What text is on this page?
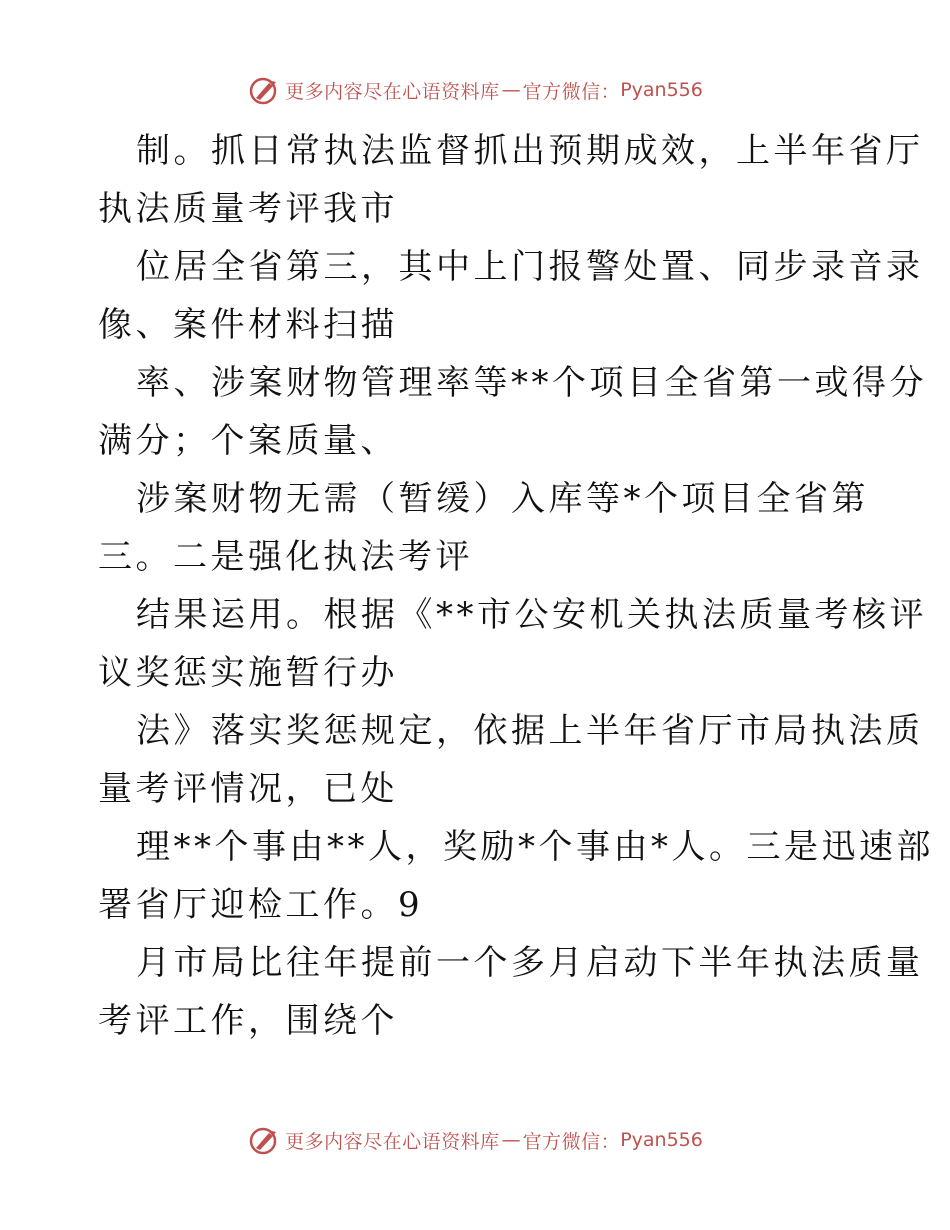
更多内容尽在心语资料库 — 官方微信： Pyan556

制。抓日常执法监督抓出预期成效，上半年省厅
执法质量考评我市

位居全省第三，其中上门报警处置、同步录音录
像、案件材料扫描

率、涉案财物管理率等**个项目全省第一或得分
满分；个案质量、

涉案财物无需（暂缓）入库等*个项目全省第
三。二是强化执法考评

结果运用。根据《**市公安机关执法质量考核评
议奖惩实施暂行办

法》落实奖惩规定，依据上半年省厅市局执法质
量考评情况，已处

理**个事由**人，奖励*个事由*人。三是迅速部
署省厅迎检工作。9

月市局比往年提前一个多月启动下半年执法质量
考评工作，围绕个

更多内容尽在心语资料库 — 官方微信： Pyan556
